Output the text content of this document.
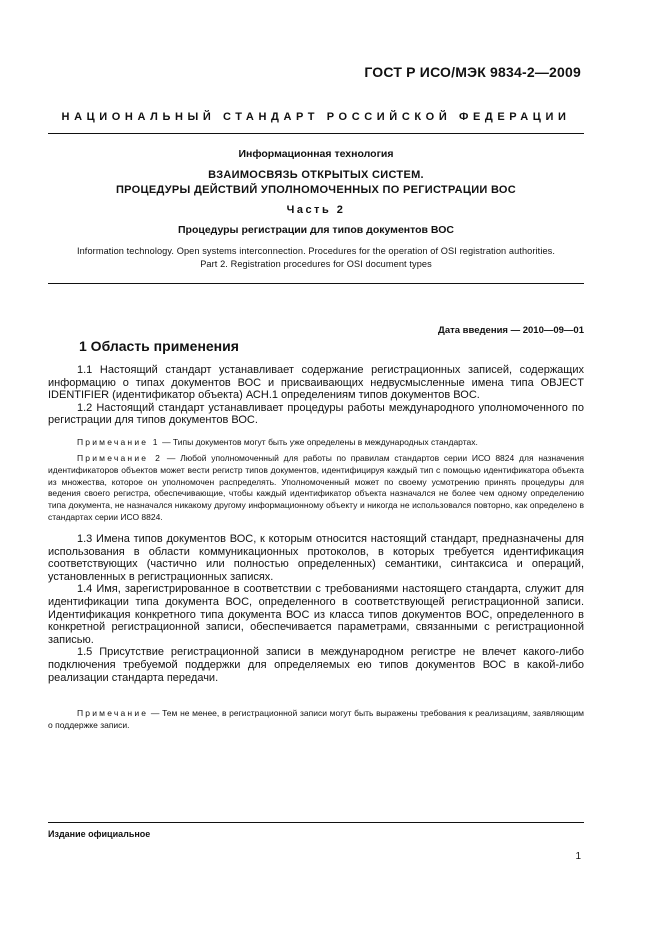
ГОСТ Р ИСО/МЭК 9834-2—2009
НАЦИОНАЛЬНЫЙ СТАНДАРТ РОССИЙСКОЙ ФЕДЕРАЦИИ
Информационная технология
ВЗАИМОСВЯЗЬ ОТКРЫТЫХ СИСТЕМ.
ПРОЦЕДУРЫ ДЕЙСТВИЙ УПОЛНОМОЧЕННЫХ ПО РЕГИСТРАЦИИ ВОС
Часть 2
Процедуры регистрации для типов документов ВОС
Information technology. Open systems interconnection. Procedures for the operation of OSI registration authorities.
Part 2. Registration procedures for OSI document types
Дата введения — 2010—09—01
1 Область применения

1.1 Настоящий стандарт устанавливает содержание регистрационных записей, содержащих информацию о типах документов ВОС и присваивающих недвусмысленные имена типа OBJECT IDENTIFIER (идентификатор объекта) АСН.1 определениям типов документов ВОС.

1.2 Настоящий стандарт устанавливает процедуры работы международного уполномоченного по регистрации для типов документов ВОС.

Примечание 1 — Типы документов могут быть уже определены в международных стандартах.

Примечание 2 — Любой уполномоченный для работы по правилам стандартов серии ИСО 8824 для назначения идентификаторов объектов может вести регистр типов документов, идентифицируя каждый тип с помощью идентификатора объекта из множества, которое он уполномочен распределять. Уполномоченный может по своему усмотрению принять процедуры для ведения своего регистра, обеспечивающие, чтобы каждый идентификатор объекта назначался не более чем одному определению типа документа, не назначался никакому другому информационному объекту и никогда не использовался повторно, как определено в стандартах серии ИСО 8824.

1.3 Имена типов документов ВОС, к которым относится настоящий стандарт, предназначены для использования в области коммуникационных протоколов, в которых требуется идентификация соответствующих (частично или полностью определенных) семантики, синтаксиса и операций, установленных в регистрационных записях.

1.4 Имя, зарегистрированное в соответствии с требованиями настоящего стандарта, служит для идентификации типа документа ВОС, определенного в соответствующей регистрационной записи. Идентификация конкретного типа документа ВОС из класса типов документов ВОС, определенного в конкретной регистрационной записи, обеспечивается параметрами, связанными с регистрационной записью.

1.5 Присутствие регистрационной записи в международном регистре не влечет какого-либо подключения требуемой поддержки для определяемых ею типов документов ВОС в какой-либо реализации стандарта передачи.

Примечание — Тем не менее, в регистрационной записи могут быть выражены требования к реализациям, заявляющим о поддержке записи.

Издание официальное
1
